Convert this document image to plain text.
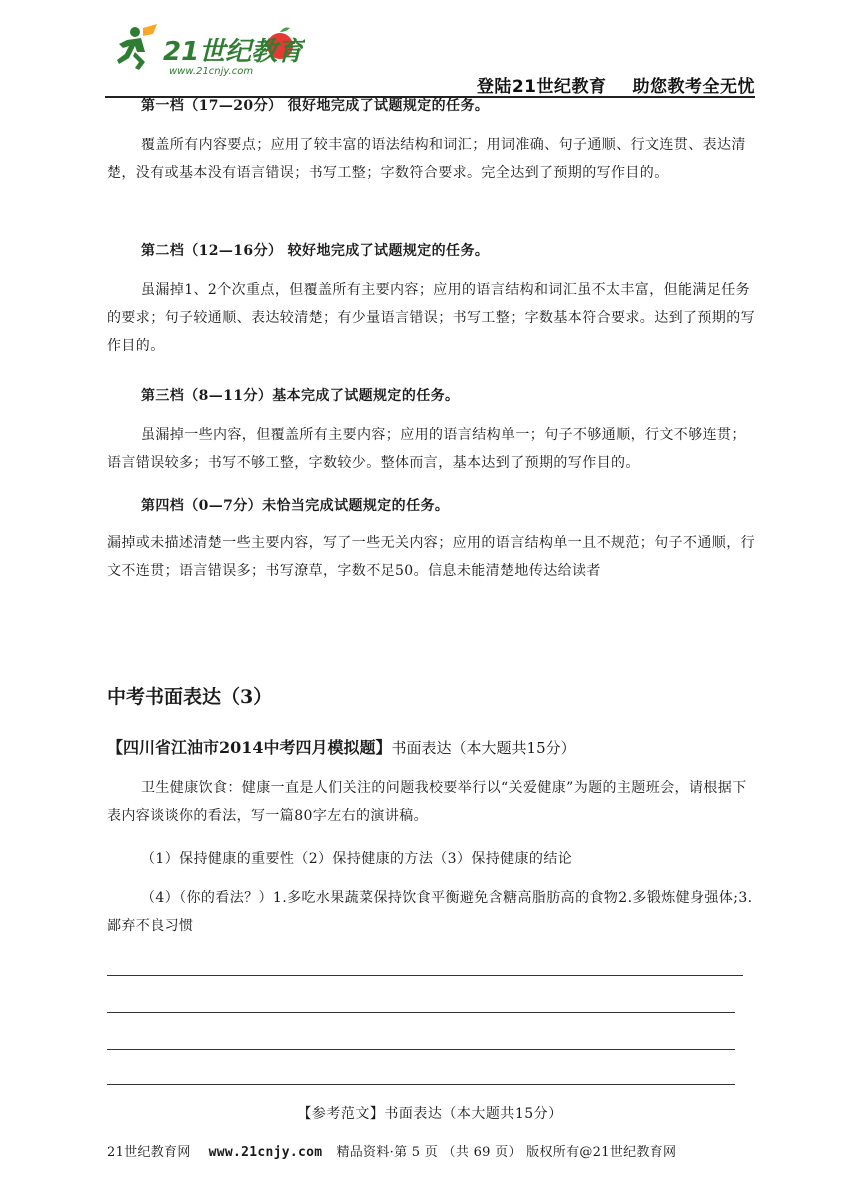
21世纪教育
www.21cnjy.com
登陆21世纪教育 助您教考全无忧
第一档（17—20分） 很好地完成了试题规定的任务。
覆盖所有内容要点；应用了较丰富的语法结构和词汇；用词准确、句子通顺、行文连贯、表达清楚，没有或基本没有语言错误；书写工整；字数符合要求。完全达到了预期的写作目的。
第二档（12—16分） 较好地完成了试题规定的任务。
虽漏掉1、2个次重点，但覆盖所有主要内容；应用的语言结构和词汇虽不太丰富，但能满足任务的要求；句子较通顺、表达较清楚；有少量语言错误；书写工整；字数基本符合要求。达到了预期的写作目的。
第三档（8—11分）基本完成了试题规定的任务。
虽漏掉一些内容，但覆盖所有主要内容；应用的语言结构单一；句子不够通顺，行文不够连贯；语言错误较多；书写不够工整，字数较少。整体而言，基本达到了预期的写作目的。
第四档（0—7分）未恰当完成试题规定的任务。
漏掉或未描述清楚一些主要内容，写了一些无关内容；应用的语言结构单一且不规范；句子不通顺，行文不连贯；语言错误多；书写潦草，字数不足50。信息未能清楚地传达给读者
中考书面表达（3）
【四川省江油市2014中考四月模拟题】书面表达（本大题共15分）
卫生健康饮食：健康一直是人们关注的问题我校要举行以“关爱健康”为题的主题班会，请根据下表内容谈谈你的看法，写一篇80字左右的演讲稿。
（1）保持健康的重要性（2）保持健康的方法（3）保持健康的结论
（4）（你的看法？）1.多吃水果蔬菜保持饮食平衡避免含糖高脂肪高的食物2.多锻炼健身强体;3.鄙弃不良习惯
【参考范文】书面表达（本大题共15分）
21世纪教育网 www.21cnjy.com 精品资料·第 5 页 （共 69 页） 版权所有@21世纪教育网
